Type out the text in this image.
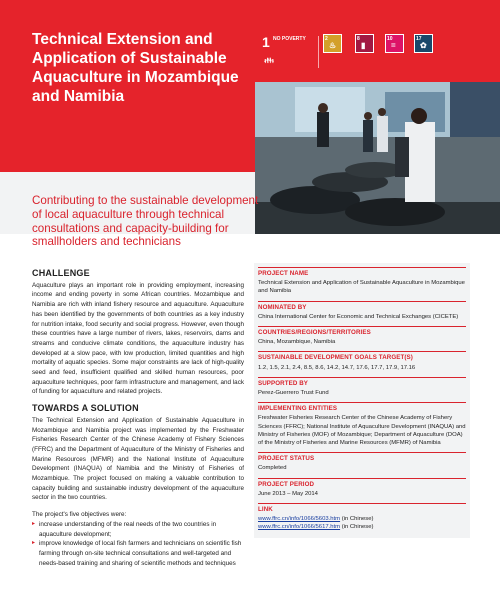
Technical Extension and Application of Sustainable Aquaculture in Mozambique and Namibia
1 NO POVERTY
👪︎
2
♨
8
▮
10
=
17
✿
Contributing to the sustainable development of local aquaculture through technical consultations and capacity-building for smallholders and technicians
CHALLENGE

Aquaculture plays an important role in providing employment, increasing income and ending poverty in some African countries. Mozambique and Namibia are rich with inland fishery resource and aquaculture. Aquaculture has been identified by the governments of both countries as a key industry for nutrition intake, food security and social progress. However, even though these countries have a large number of rivers, lakes, reservoirs, dams and streams and conducive climate conditions, the aquaculture industry has developed at a slow pace, with low production, limited quantities and high mortality of aquatic species. Some major constraints are lack of high-quality seed and feed, insufficient qualified and skilled human resources, poor aquaculture techniques, poor farm infrastructure and management, and lack of funding for aquaculture and related projects.

TOWARDS A SOLUTION

The Technical Extension and Application of Sustainable Aquaculture in Mozambique and Namibia project was implemented by the Freshwater Fisheries Research Center of the Chinese Academy of Fishery Sciences (FFRC) and the Department of Aquaculture of the Ministry of Fisheries and Marine Resources (MFMR) and the National Institute of Aquaculture Development (INAQUA) of Namibia and the Ministry of Fisheries of Mozambique. The project focused on making a valuable contribution to capacity building and sustainable industry development of the aquaculture sector in the two countries.

The project's five objectives were:
▸ increase understanding of the real needs of the two countries in aquaculture development;
▸ improve knowledge of local fish farmers and technicians on scientific fish farming through on-site technical consultations and well-targeted and needs-based training and sharing of scientific methods and techniques
PROJECT NAME
Technical Extension and Application of Sustainable Aquaculture in Mozambique and Namibia
NOMINATED BY
China International Center for Economic and Technical Exchanges (CICETE)
COUNTRIES/REGIONS/TERRITORIES
China, Mozambique, Namibia
SUSTAINABLE DEVELOPMENT GOALS TARGET(S)
1.2, 1.5, 2.1, 2.4, 8.5, 8.6, 14.2, 14.7, 17.6, 17.7, 17.9, 17.16
SUPPORTED BY
Perez-Guerrero Trust Fund
IMPLEMENTING ENTITIES
Freshwater Fisheries Research Center of the Chinese Academy of Fishery Sciences (FFRC); National Institute of Aquaculture Development (INAQUA) and Ministry of Fisheries (MOF) of Mozambique; Department of Aquaculture (DOA) of the Ministry of Fisheries and Marine Resources (MFMR) of Namibia
PROJECT STATUS
Completed
PROJECT PERIOD
June 2013 – May 2014
LINK
www.ffrc.cn/info/1066/5603.htm (in Chinese)
www.ffrc.cn/info/1066/5617.htm (in Chinese)
